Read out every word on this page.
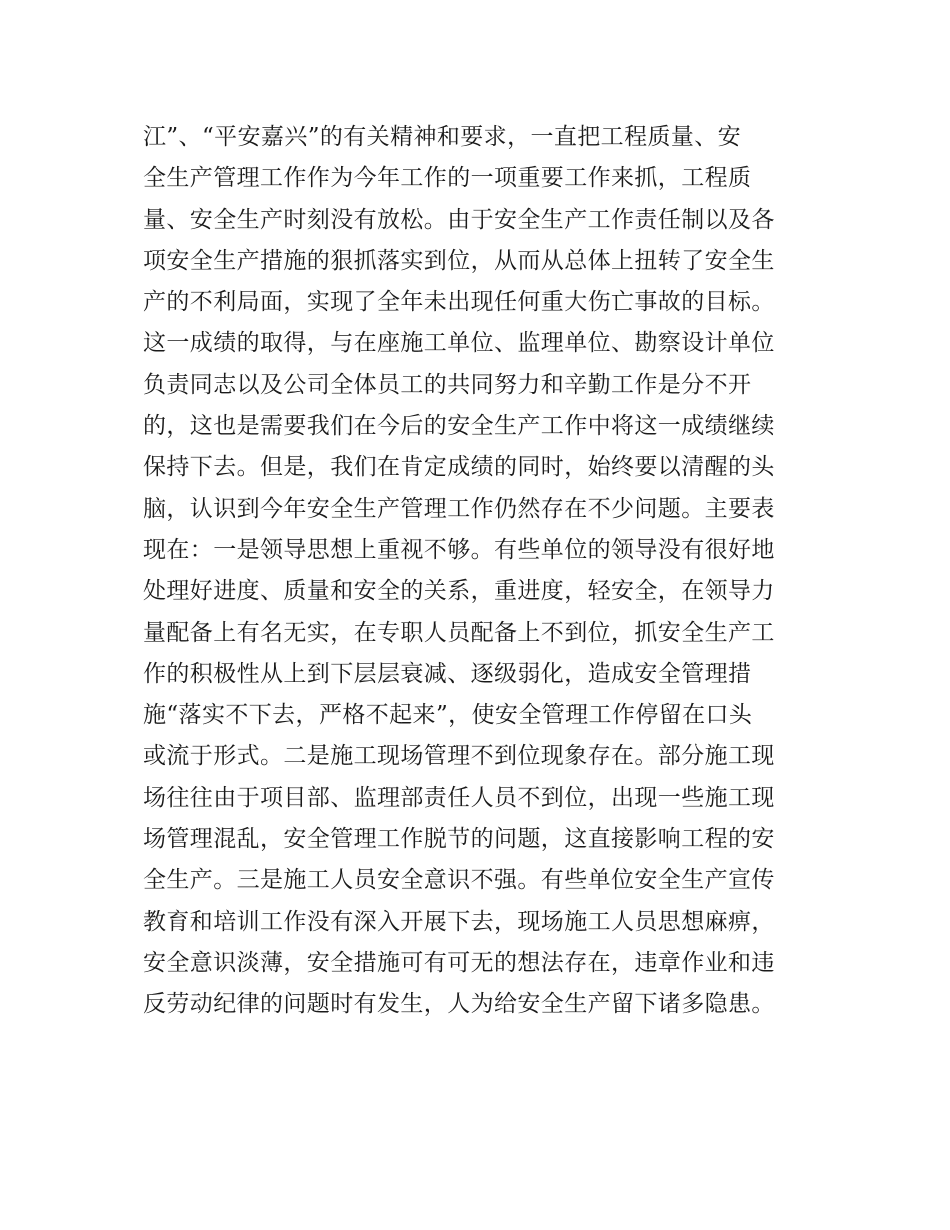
江”、“平安嘉兴”的有关精神和要求，一直把工程质量、安
全生产管理工作作为今年工作的一项重要工作来抓，工程质
量、安全生产时刻没有放松。由于安全生产工作责任制以及各
项安全生产措施的狠抓落实到位，从而从总体上扭转了安全生
产的不利局面，实现了全年未出现任何重大伤亡事故的目标。
这一成绩的取得，与在座施工单位、监理单位、勘察设计单位
负责同志以及公司全体员工的共同努力和辛勤工作是分不开
的，这也是需要我们在今后的安全生产工作中将这一成绩继续
保持下去。但是，我们在肯定成绩的同时，始终要以清醒的头
脑，认识到今年安全生产管理工作仍然存在不少问题。主要表
现在：一是领导思想上重视不够。有些单位的领导没有很好地
处理好进度、质量和安全的关系，重进度，轻安全，在领导力
量配备上有名无实，在专职人员配备上不到位，抓安全生产工
作的积极性从上到下层层衰减、逐级弱化，造成安全管理措
施“落实不下去，严格不起来”，使安全管理工作停留在口头
或流于形式。二是施工现场管理不到位现象存在。部分施工现
场往往由于项目部、监理部责任人员不到位，出现一些施工现
场管理混乱，安全管理工作脱节的问题，这直接影响工程的安
全生产。三是施工人员安全意识不强。有些单位安全生产宣传
教育和培训工作没有深入开展下去，现场施工人员思想麻痹，
安全意识淡薄，安全措施可有可无的想法存在，违章作业和违
反劳动纪律的问题时有发生，人为给安全生产留下诸多隐患。
